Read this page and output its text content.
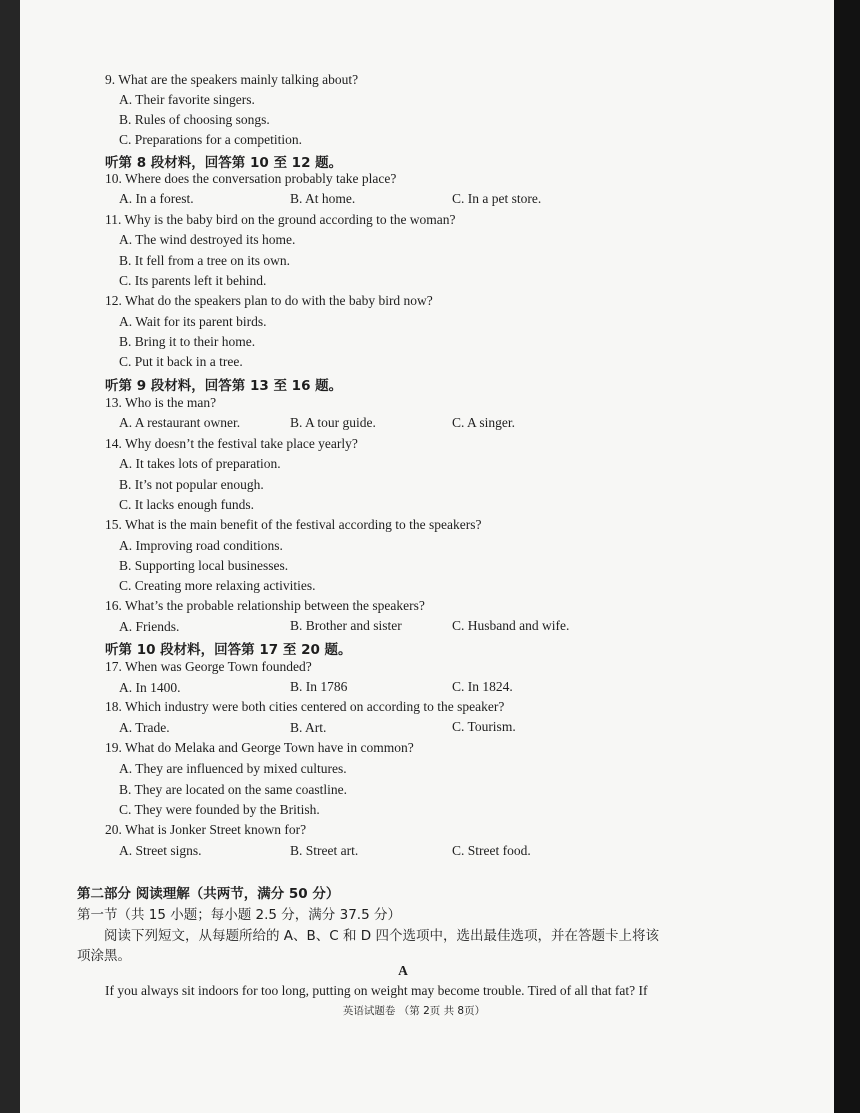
9. What are the speakers mainly talking about?
A. Their favorite singers.
B. Rules of choosing songs.
C. Preparations for a competition.
听第 8 段材料，回答第 10 至 12 题。
10. Where does the conversation probably take place?
A. In a forest.	B. At home.	C. In a pet store.
11. Why is the baby bird on the ground according to the woman?
A. The wind destroyed its home.
B. It fell from a tree on its own.
C. Its parents left it behind.
12. What do the speakers plan to do with the baby bird now?
A. Wait for its parent birds.
B. Bring it to their home.
C. Put it back in a tree.
听第 9 段材料，回答第 13 至 16 题。
13. Who is the man?
A. A restaurant owner.	B. A tour guide.	C. A singer.
14. Why doesn’t the festival take place yearly?
A. It takes lots of preparation.
B. It’s not popular enough.
C. It lacks enough funds.
15. What is the main benefit of the festival according to the speakers?
A. Improving road conditions.
B. Supporting local businesses.
C. Creating more relaxing activities.
16. What’s the probable relationship between the speakers?
A. Friends.	B. Brother and sister	C. Husband and wife.
听第 10 段材料，回答第 17 至 20 题。
17. When was George Town founded?
A. In 1400.	B. In 1786	C. In 1824.
18. Which industry were both cities centered on according to the speaker?
A. Trade.	B. Art.	C. Tourism.
19. What do Melaka and George Town have in common?
A. They are influenced by mixed cultures.
B. They are located on the same coastline.
C. They were founded by the British.
20. What is Jonker Street known for?
A. Street signs.	B. Street art.	C. Street food.
第二部分 阅读理解（共两节，满分 50 分）
第一节（共 15 小题；每小题 2.5 分，满分 37.5 分）
阅读下列短文，从每题所给的 A、B、C 和 D 四个选项中，选出最佳选项，并在答题卡上将该
项涂黑。
A
If you always sit indoors for too long, putting on weight may become trouble. Tired of all that fat? If
英语试题卷 （第 2页 共 8页）
